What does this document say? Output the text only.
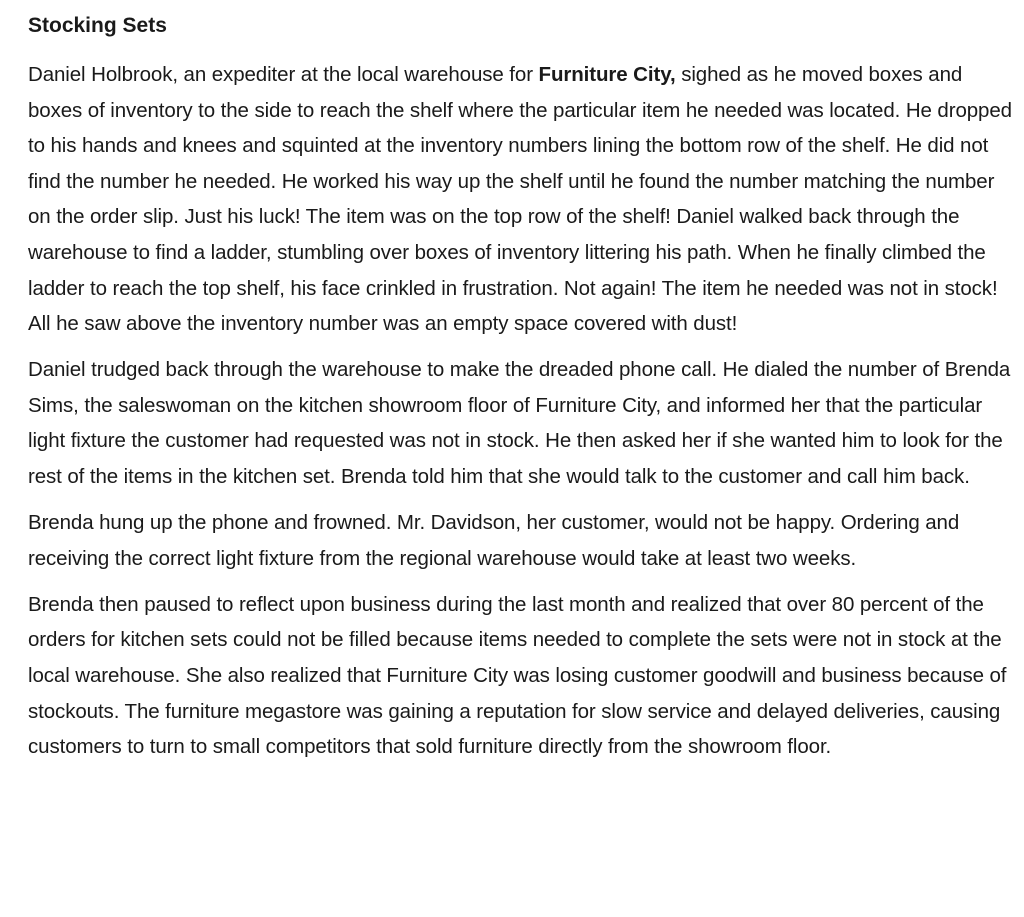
Stocking Sets

Daniel Holbrook, an expediter at the local warehouse for Furniture City, sighed as he moved boxes and boxes of inventory to the side to reach the shelf where the particular item he needed was located. He dropped to his hands and knees and squinted at the inventory numbers lining the bottom row of the shelf. He did not find the number he needed. He worked his way up the shelf until he found the number matching the number on the order slip. Just his luck! The item was on the top row of the shelf! Daniel walked back through the warehouse to find a ladder, stumbling over boxes of inventory littering his path. When he finally climbed the ladder to reach the top shelf, his face crinkled in frustration. Not again! The item he needed was not in stock! All he saw above the inventory number was an empty space covered with dust!

Daniel trudged back through the warehouse to make the dreaded phone call. He dialed the number of Brenda Sims, the saleswoman on the kitchen showroom floor of Furniture City, and informed her that the particular light fixture the customer had requested was not in stock. He then asked her if she wanted him to look for the rest of the items in the kitchen set. Brenda told him that she would talk to the customer and call him back.

Brenda hung up the phone and frowned. Mr. Davidson, her customer, would not be happy. Ordering and receiving the correct light fixture from the regional warehouse would take at least two weeks.

Brenda then paused to reflect upon business during the last month and realized that over 80 percent of the orders for kitchen sets could not be filled because items needed to complete the sets were not in stock at the local warehouse. She also realized that Furniture City was losing customer goodwill and business because of stockouts. The furniture megastore was gaining a reputation for slow service and delayed deliveries, causing customers to turn to small competitors that sold furniture directly from the showroom floor.
